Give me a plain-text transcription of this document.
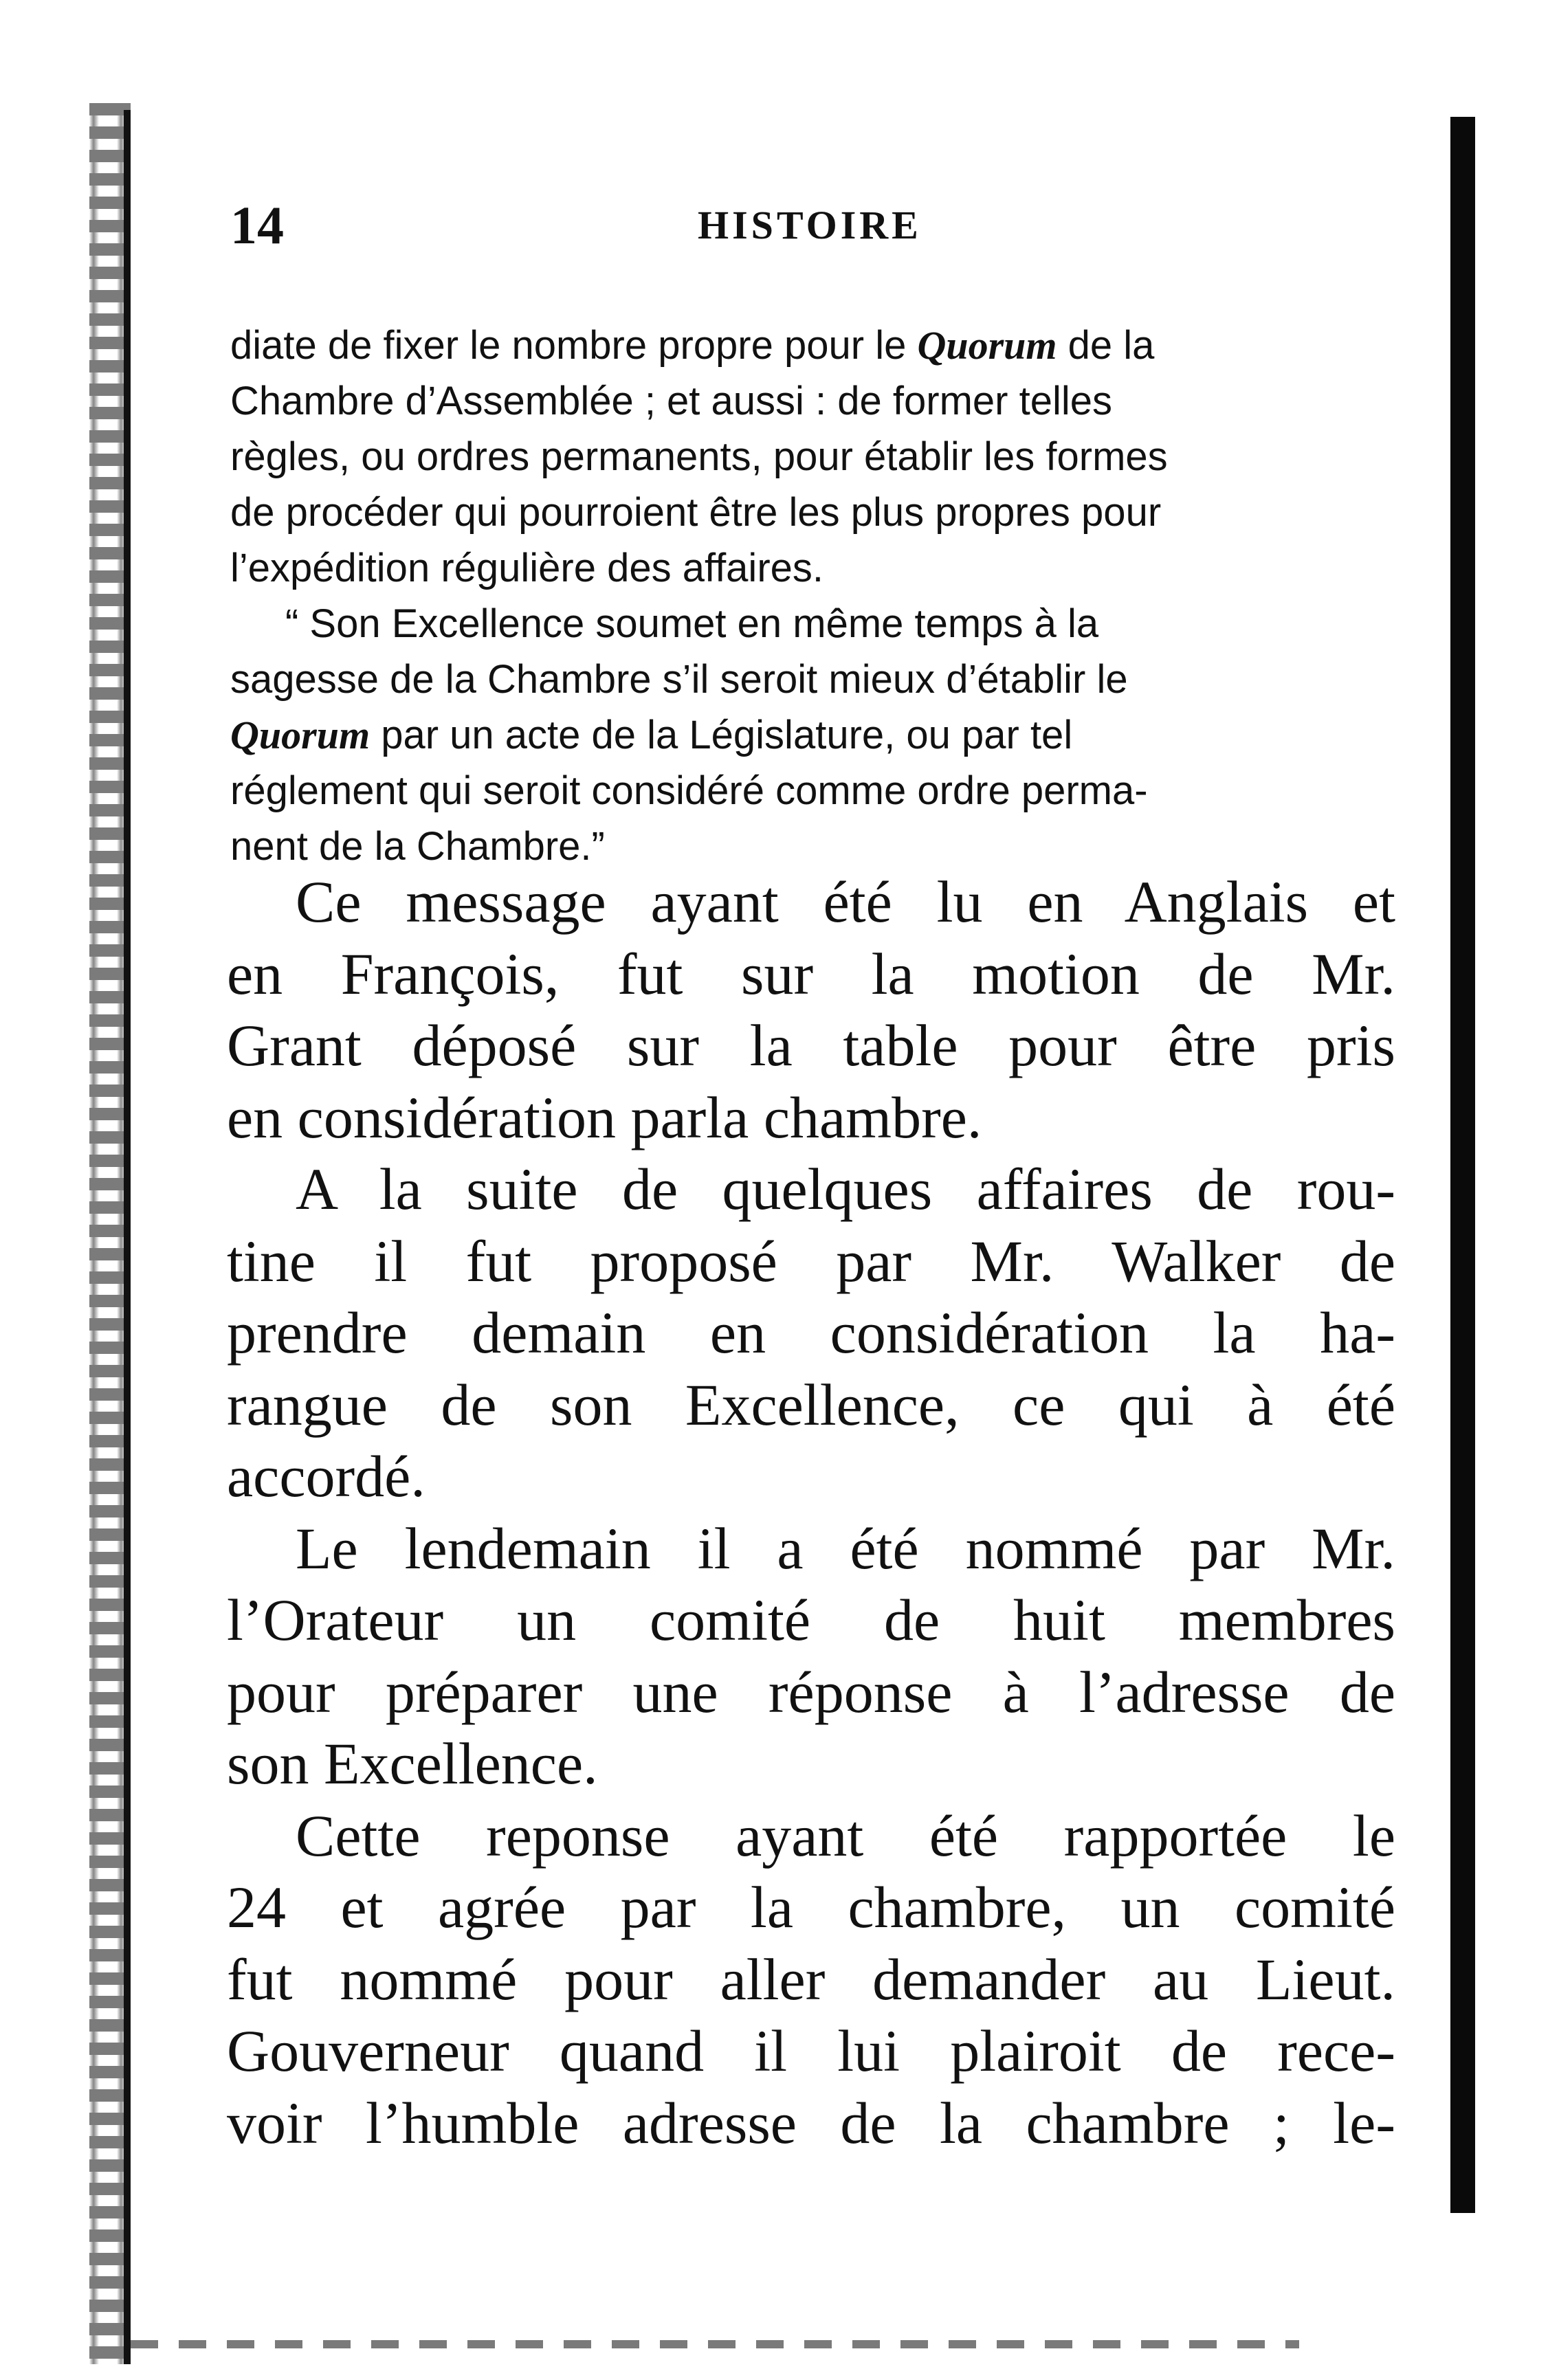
14	HISTOIRE
diate de fixer le nombre propre pour le Quorum de la
Chambre d’Assemblée ; et aussi : de former telles
règles, ou ordres permanents, pour établir les formes
de procéder qui pourroient être les plus propres pour
l’expédition régulière des affaires.
“ Son Excellence soumet en même temps à la
sagesse de la Chambre s’il seroit mieux d’établir le
Quorum par un acte de la Législature, ou par tel
réglement qui seroit considéré comme ordre perma-
nent de la Chambre.”
Ce message ayant été lu en Anglais et
en François, fut sur la motion de Mr.
Grant déposé sur la table pour être pris
en considération parla chambre.
A la suite de quelques affaires de rou-
tine il fut proposé par Mr. Walker de
prendre demain en considération la ha-
rangue de son Excellence, ce qui à été
accordé.
Le lendemain il a été nommé par Mr.
l’Orateur un comité de huit membres
pour préparer une réponse à l’adresse de
son Excellence.
Cette reponse ayant été rapportée le
24 et agrée par la chambre, un comité
fut nommé pour aller demander au Lieut.
Gouverneur quand il lui plairoit de rece-
voir l’humble adresse de la chambre ; le-
